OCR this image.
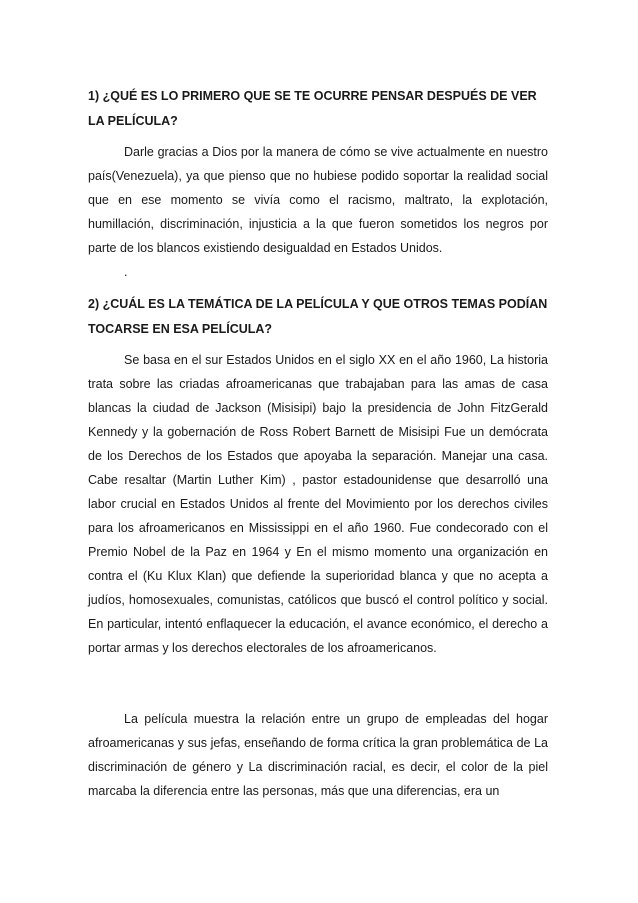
1) ¿QUÉ ES LO PRIMERO QUE SE TE OCURRE PENSAR DESPUÉS DE VER LA PELÍCULA?

Darle gracias a Dios por la manera de cómo se vive actualmente en nuestro país(Venezuela), ya que pienso que no hubiese podido soportar la realidad social que en ese momento se vivía como el racismo, maltrato, la explotación, humillación, discriminación, injusticia a la que fueron sometidos los negros por parte de los blancos existiendo desigualdad en Estados Unidos.

.

2) ¿CUÁL ES LA TEMÁTICA DE LA PELÍCULA Y QUE OTROS TEMAS PODÍAN TOCARSE EN ESA PELÍCULA?

Se basa en el sur Estados Unidos en el siglo XX en el año 1960, La historia trata sobre las criadas afroamericanas que trabajaban para las amas de casa blancas la ciudad de Jackson (Misisipi) bajo la presidencia de John FitzGerald Kennedy y la gobernación de Ross Robert Barnett de Misisipi Fue un demócrata de los Derechos de los Estados que apoyaba la separación. Manejar una casa. Cabe resaltar (Martin Luther Kim) , pastor estadounidense que desarrolló una labor crucial en Estados Unidos al frente del Movimiento por los derechos civiles para los afroamericanos en Mississippi en el año 1960. Fue condecorado con el Premio Nobel de la Paz en 1964 y En el mismo momento una organización en contra el (Ku Klux Klan) que defiende la superioridad blanca y que no acepta a judíos, homosexuales, comunistas, católicos que buscó el control político y social. En particular, intentó enflaquecer la educación, el avance económico, el derecho a portar armas y los derechos electorales de los afroamericanos.

La película muestra la relación entre un grupo de empleadas del hogar afroamericanas y sus jefas, enseñando de forma crítica la gran problemática de La discriminación de género y La discriminación racial, es decir, el color de la piel marcaba la diferencia entre las personas, más que una diferencias, era un
